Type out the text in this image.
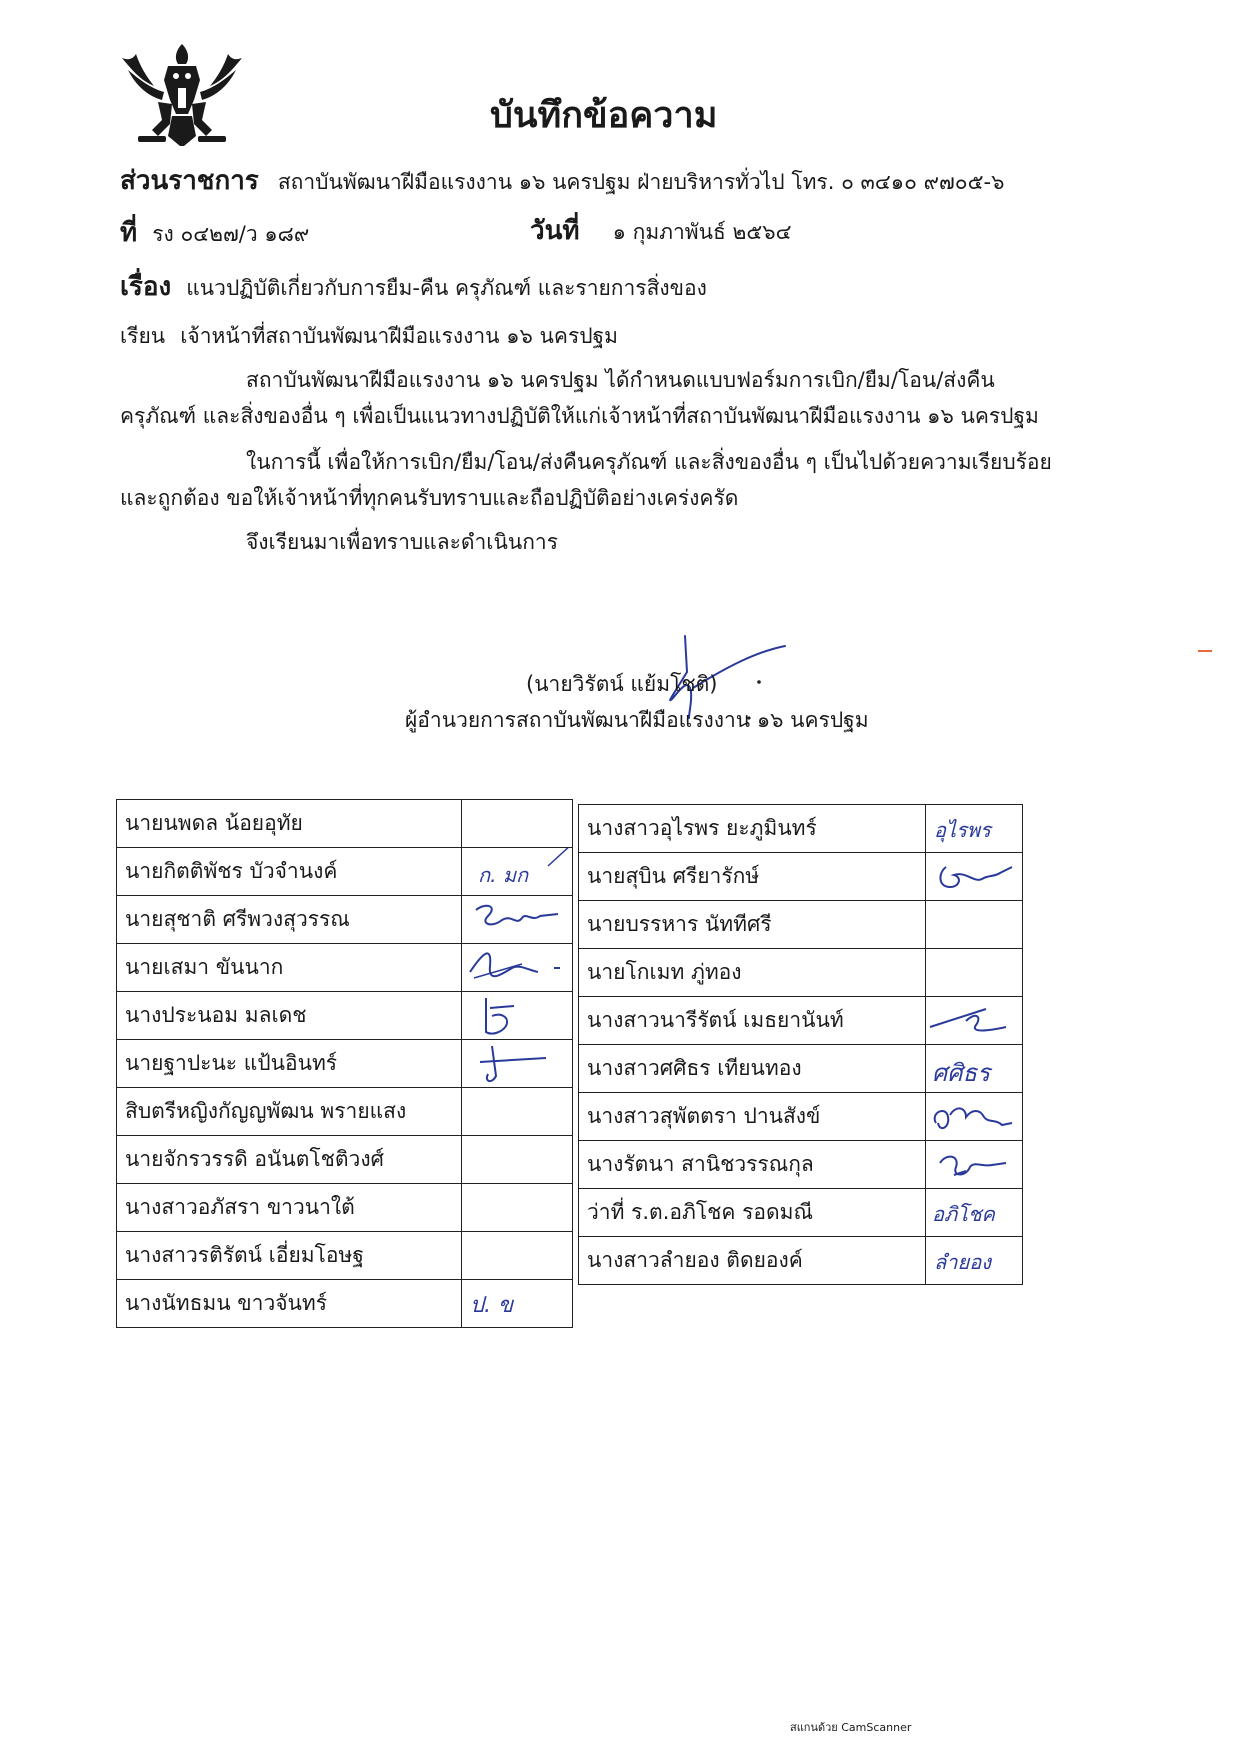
บันทึกข้อความ
ส่วนราชการ สถาบันพัฒนาฝีมือแรงงาน ๑๖ นครปฐม ฝ่ายบริหารทั่วไป โทร. ๐ ๓๔๑๐ ๙๗๐๕-๖
ที่ รง ๐๔๒๗/ว ๑๘๙	วันที่ ๑ กุมภาพันธ์ ๒๕๖๔
เรื่อง แนวปฏิบัติเกี่ยวกับการยืม-คืน ครุภัณฑ์ และรายการสิ่งของ
เรียน เจ้าหน้าที่สถาบันพัฒนาฝีมือแรงงาน ๑๖ นครปฐม
สถาบันพัฒนาฝีมือแรงงาน ๑๖ นครปฐม ได้กำหนดแบบฟอร์มการเบิก/ยืม/โอน/ส่งคืน
ครุภัณฑ์ และสิ่งของอื่น ๆ เพื่อเป็นแนวทางปฏิบัติให้แก่เจ้าหน้าที่สถาบันพัฒนาฝีมือแรงงาน ๑๖ นครปฐม
ในการนี้ เพื่อให้การเบิก/ยืม/โอน/ส่งคืนครุภัณฑ์ และสิ่งของอื่น ๆ เป็นไปด้วยความเรียบร้อย
และถูกต้อง ขอให้เจ้าหน้าที่ทุกคนรับทราบและถือปฏิบัติอย่างเคร่งครัด
จึงเรียนมาเพื่อทราบและดำเนินการ
(นายวิรัตน์ แย้มโชติ)
ผู้อำนวยการสถาบันพัฒนาฝีมือแรงงาน ๑๖ นครปฐม
นายนพดล น้อยอุทัย	
นายกิตติพัชร บัวจำนงค์	ก. มก

นายสุชาติ ศรีพวงสุวรรณ	

นายเสมา ขันนาก	

นางประนอม มลเดช	

นายฐาปะนะ แป้นอินทร์	

สิบตรีหญิงกัญญพัฒน พรายแสง	
นายจักรวรรดิ อนันตโชติวงศ์	
นางสาวอภัสรา ขาวนาใต้	
นางสาวรติรัตน์ เอี่ยมโอษฐ	
นางนัทธมน ขาวจันทร์	ป. ข
นางสาวอุไรพร ยะภูมินทร์	อุไรพร

นายสุบิน ศรียารักษ์	

นายบรรหาร นัททีศรี	
นายโกเมท ภู่ทอง	
นางสาวนารีรัตน์ เมธยานันท์	

นางสาวศศิธร เทียนทอง	ศศิธร

นางสาวสุพัตตรา ปานสังข์	

นางรัตนา สานิชวรรณกุล	

ว่าที่ ร.ต.อภิโชค รอดมณี	อภิโชค

นางสาวลำยอง ติดยองค์	ลำยอง
สแกนด้วย CamScanner
